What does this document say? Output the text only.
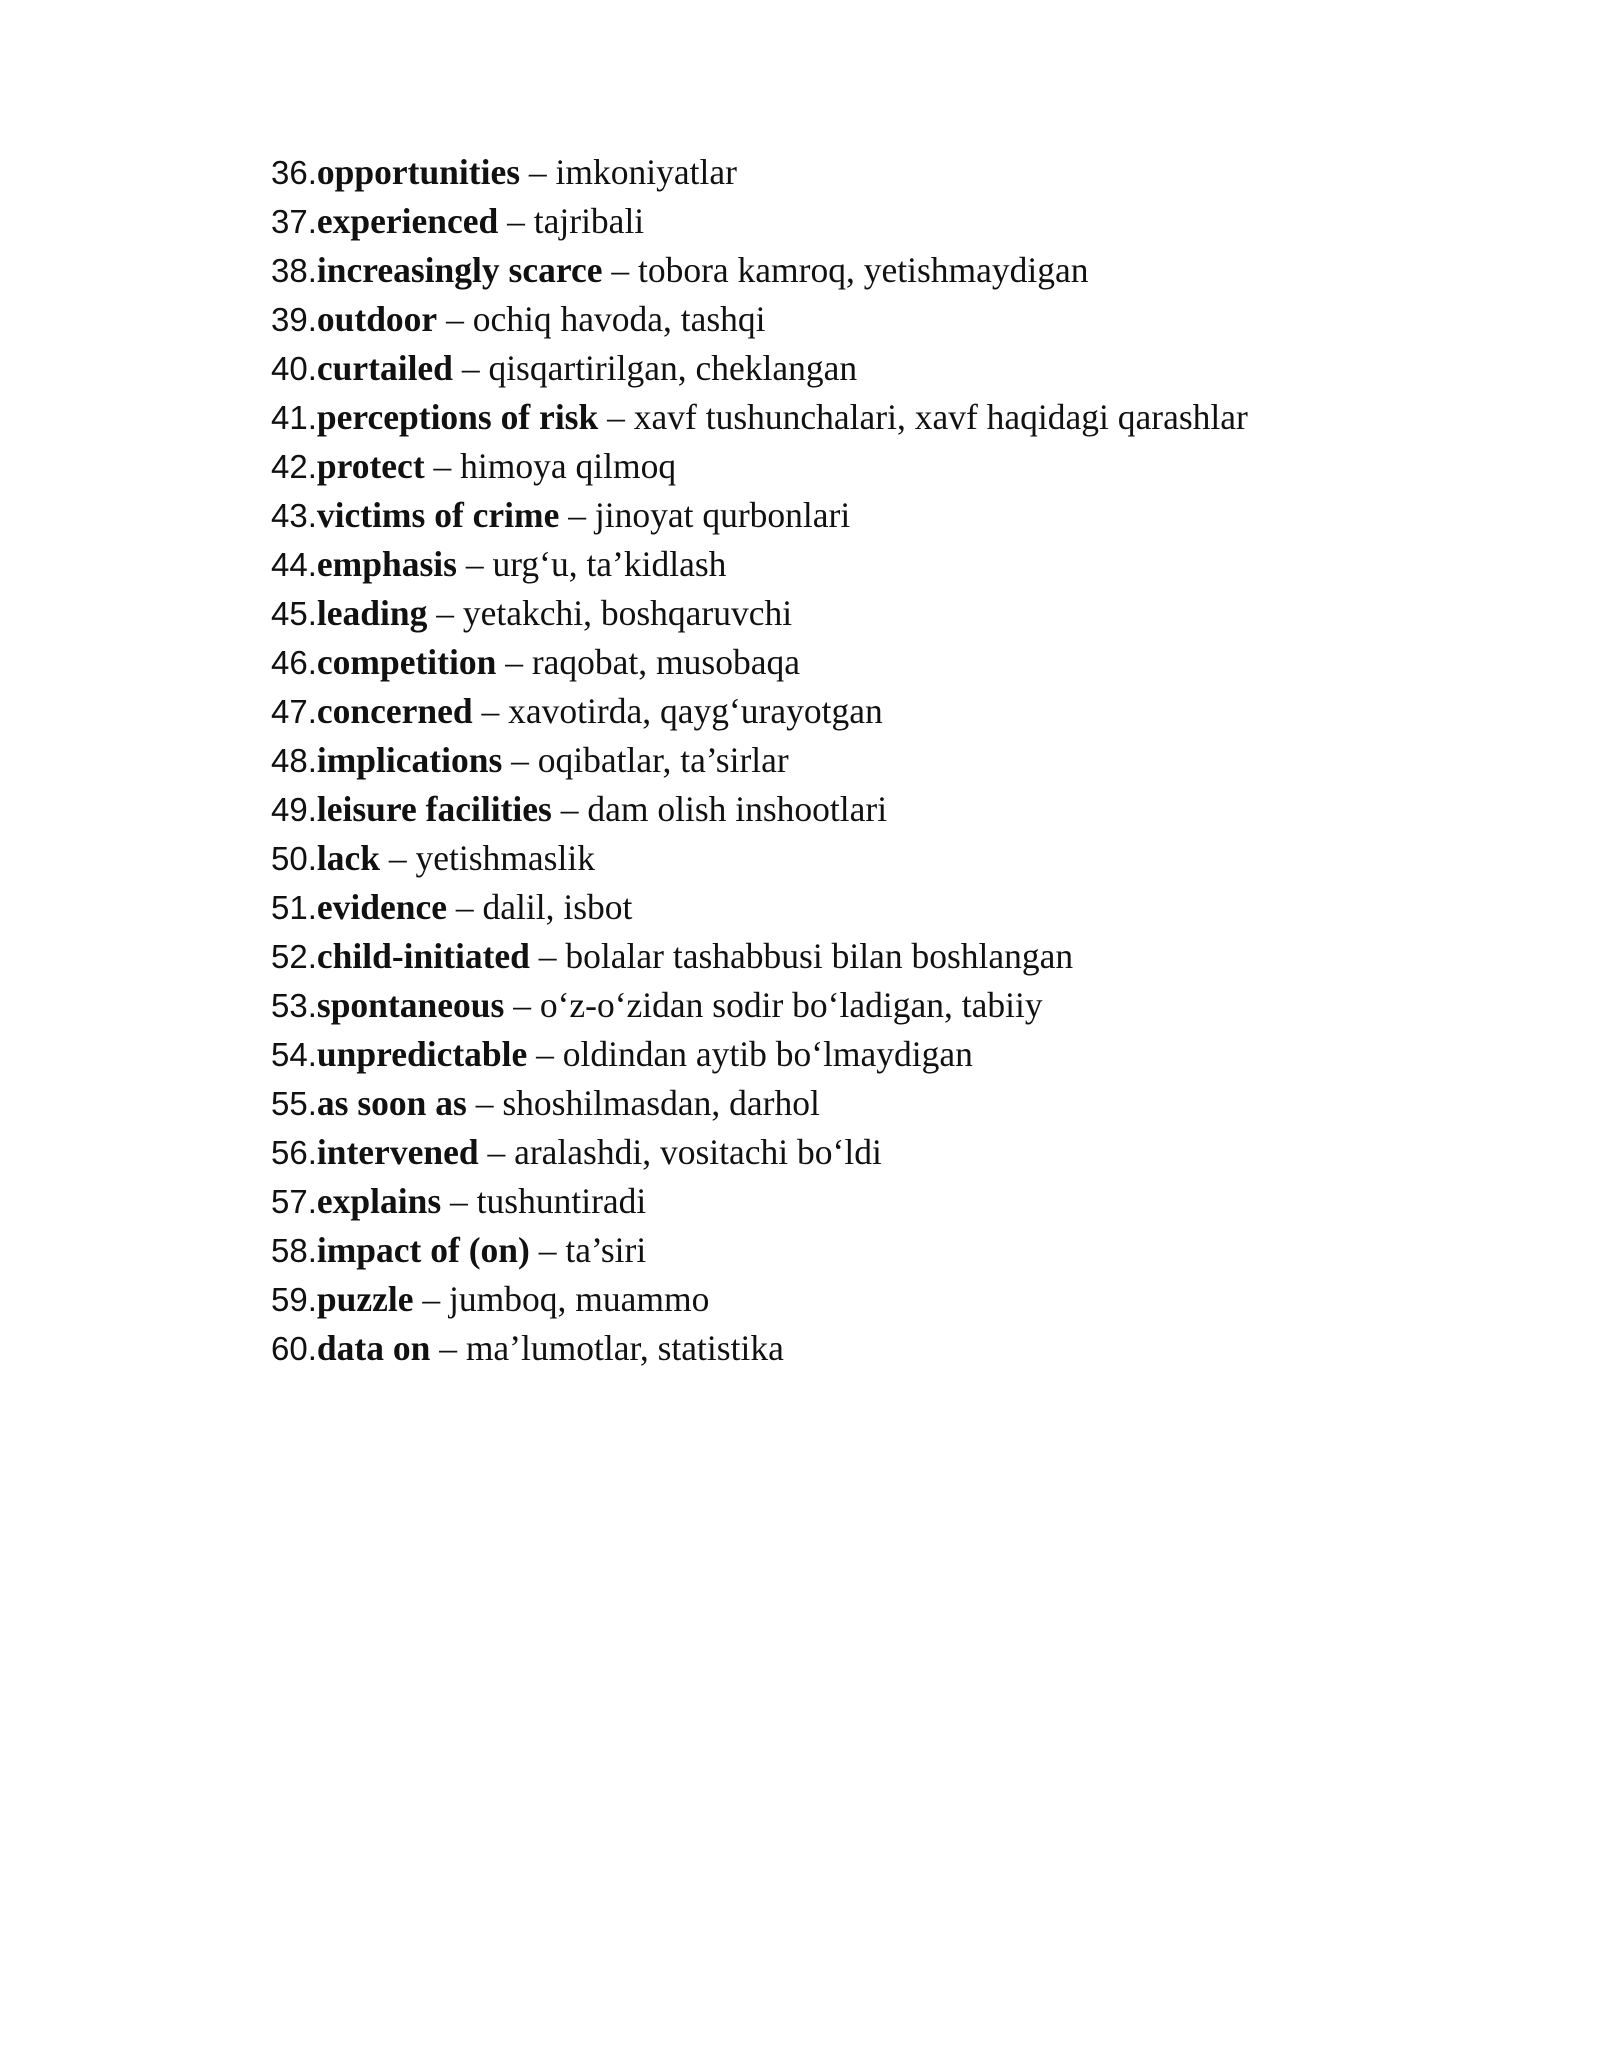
36.opportunities – imkoniyatlar
37.experienced – tajribali
38.increasingly scarce – tobora kamroq, yetishmaydigan
39.outdoor – ochiq havoda, tashqi
40.curtailed – qisqartirilgan, cheklangan
41.perceptions of risk – xavf tushunchalari, xavf haqidagi qarashlar
42.protect – himoya qilmoq
43.victims of crime – jinoyat qurbonlari
44.emphasis – urg‘u, ta’kidlash
45.leading – yetakchi, boshqaruvchi
46.competition – raqobat, musobaqa
47.concerned – xavotirda, qayg‘urayotgan
48.implications – oqibatlar, ta’sirlar
49.leisure facilities – dam olish inshootlari
50.lack – yetishmaslik
51.evidence – dalil, isbot
52.child-initiated – bolalar tashabbusi bilan boshlangan
53.spontaneous – o‘z-o‘zidan sodir bo‘ladigan, tabiiy
54.unpredictable – oldindan aytib bo‘lmaydigan
55.as soon as – shoshilmasdan, darhol
56.intervened – aralashdi, vositachi bo‘ldi
57.explains – tushuntiradi
58.impact of (on) – ta’siri
59.puzzle – jumboq, muammo
60.data on – ma’lumotlar, statistika
